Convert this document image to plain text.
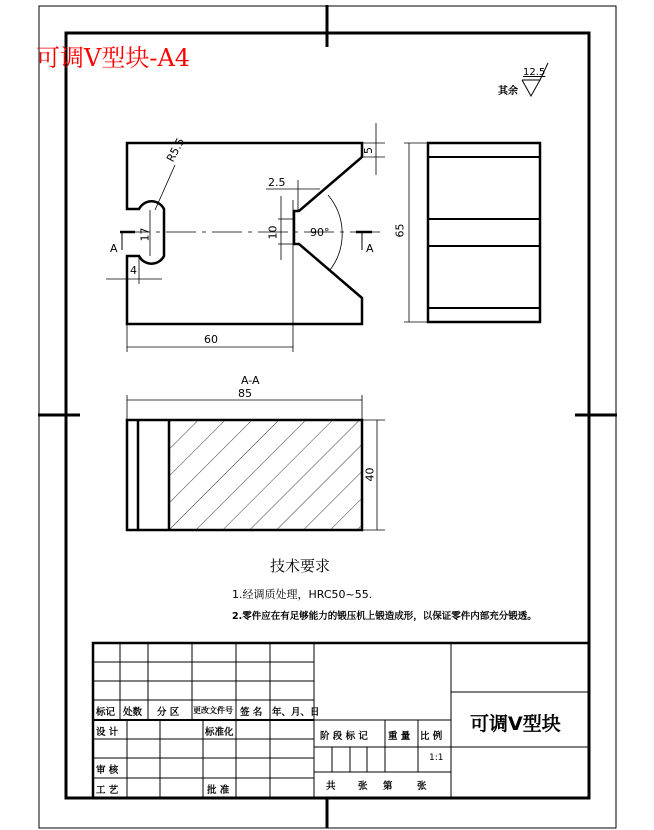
可调V型块-A4
其余
12.5
R5.5
17
4
2.5
10	90°
60
5
A	A
65
A-A
85
40
技术要求
1.经调质处理，HRC50~55.
2.零件应在有足够能力的锻压机上锻造成形，以保证零件内部充分锻透。
标记 处数 分 区 更改文件号 签 名 年、月、日
设 计	标准化
审 核
工 艺	批 准
阶 段 标 记 重 量 比 例
1:1
共 张 第	张
可调V型块
